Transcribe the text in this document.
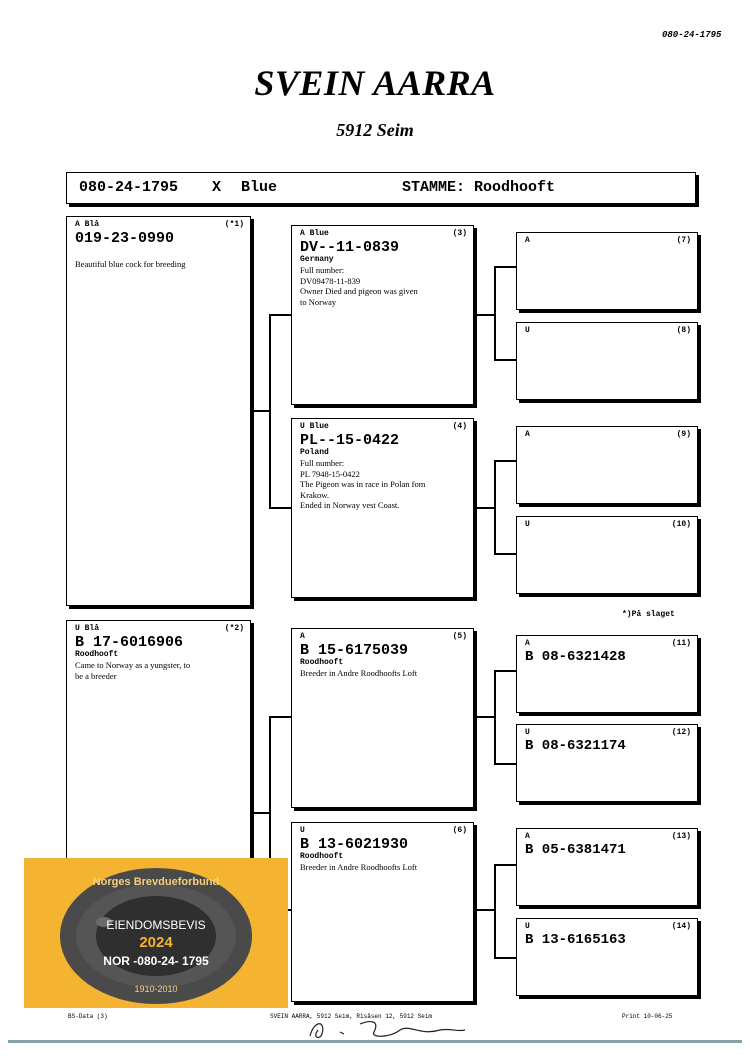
080-24-1795
SVEIN AARRA
5912 Seim
080-24-1795 X Blue	STAMME: Roodhooft
A Blå	(*1)
019-23-0990
Beautiful blue cock for breeding
U Blå	(*2)
B 17-6016906
Roodhooft
Came to Norway as a yungster, to
be a breeder
A Blue	(3)
DV--11-0839
Germany
Full number:
DV09478-11-839
Owner Died and pigeon was given
to Norway
U Blue	(4)
PL--15-0422
Poland
Full number:
PL 7948-15-0422
The Pigeon was in race in Polan fom
Krakow.
Ended in Norway vest Coast.
A	(5)
B 15-6175039
Roodhooft
Breeder in Andre Roodhoofts Loft
U	(6)
B 13-6021930
Roodhooft
Breeder in Andre Roodhoofts Loft
A	(7)
U	(8)
A	(9)
U	(10)
A	(11)
B 08-6321428
U	(12)
B 08-6321174
A	(13)
B 05-6381471
U	(14)
B 13-6165163
*)På slaget
Norges Brevdueforbund
EIENDOMSBEVIS
2024
NOR -080-24- 1795
1910-2010
BS-Data (3)	SVEIN AARRA, 5912 Seim, Risåsen 12, 5912 Seim	Print 10-06-25
